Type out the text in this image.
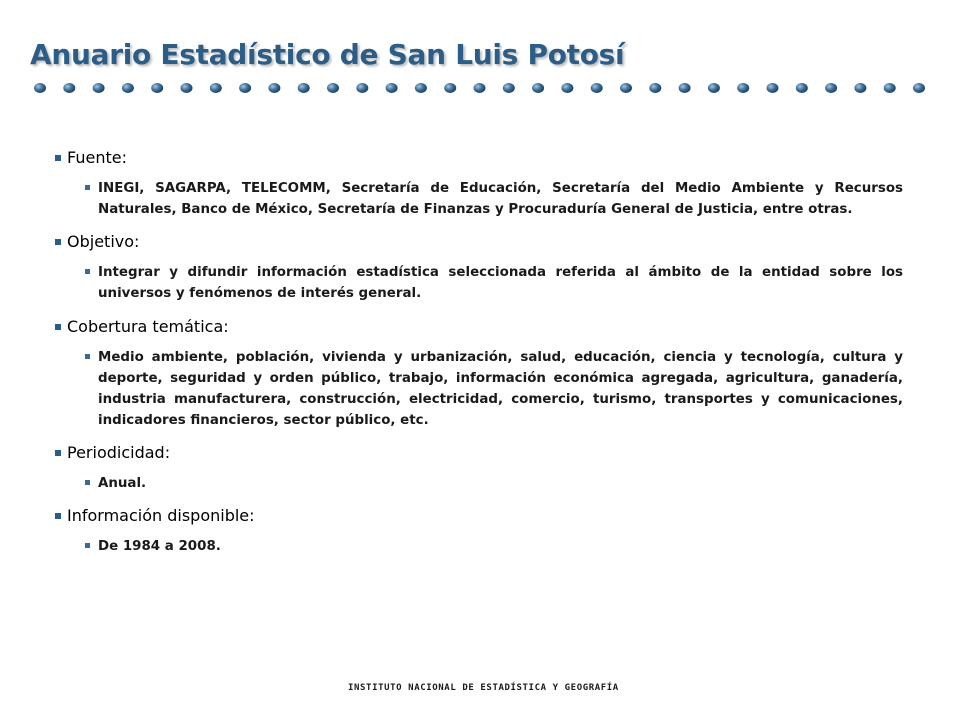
Anuario Estadístico de San Luis Potosí

Fuente:

INEGI, SAGARPA, TELECOMM, Secretaría de Educación, Secretaría del Medio Ambiente y Recursos Naturales, Banco de México, Secretaría de Finanzas y Procuraduría General de Justicia, entre otras.

Objetivo:

Integrar y difundir información estadística seleccionada referida al ámbito de la entidad sobre los universos y fenómenos de interés general.

Cobertura temática:

Medio ambiente, población, vivienda y urbanización, salud, educación, ciencia y tecnología, cultura y deporte, seguridad y orden público, trabajo, información económica agregada, agricultura, ganadería, industria manufacturera, construcción, electricidad, comercio, turismo, transportes y comunicaciones, indicadores financieros, sector público, etc.

Periodicidad:

Anual.

Información disponible:

De 1984 a 2008.

INSTITUTO NACIONAL DE ESTADÍSTICA Y GEOGRAFÍA
